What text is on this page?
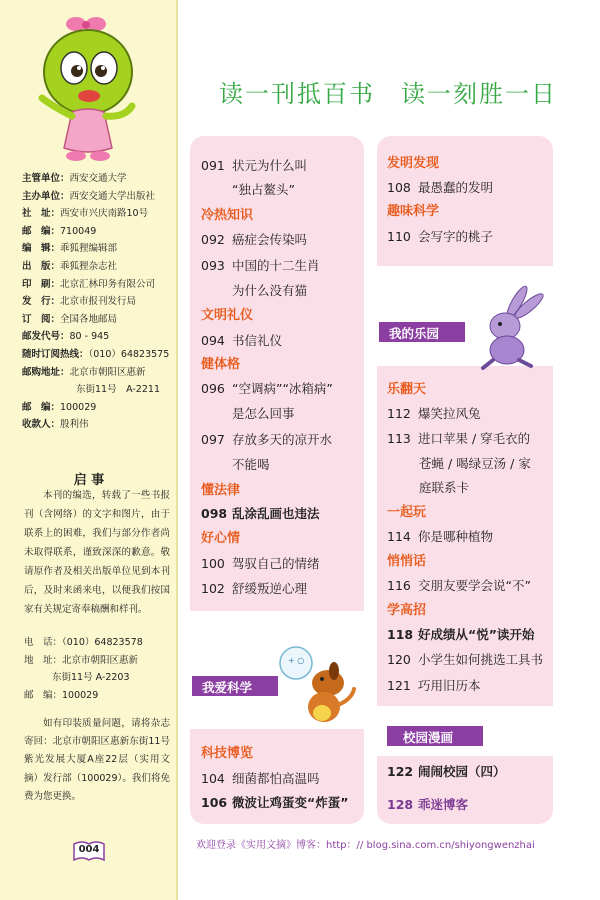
主管单位：西安交通大学
主办单位：西安交通大学出版社
社　址：西安市兴庆南路10号
邮　编：710049
编　辑：乖狐狸编辑部
出　版：乖狐狸杂志社
印　刷：北京汇林印务有限公司
发　行：北京市报刊发行局
订　阅：全国各地邮局
邮发代号：80 - 945
随时订阅热线：（010）64823575
邮购地址：北京市朝阳区惠新
东街11号　A-2211
邮　编：100029
收款人：殷利伟
启 事
本刊的编选，转载了一些书报刊（含网络）的文字和图片，由于联系上的困难，我们与部分作者尚未取得联系，谨致深深的歉意。敬请原作者及相关出版单位见到本刊后，及时来函来电，以便我们按国家有关规定寄奉稿酬和样刊。
电　话：（010）64823578
地　址：北京市朝阳区惠新
东街11号 A-2203
邮　编：100029
如有印装质量问题，请将杂志寄回：北京市朝阳区惠新东街11号紫光发展大厦A座22层（实用文摘）发行部（100029）。我们将免费为您更换。
004
读一刊抵百书　读一刻胜一日
091 状元为什么叫
“独占鳌头”
冷热知识
092 癌症会传染吗
093 中国的十二生肖
为什么没有猫
文明礼仪
094 书信礼仪
健体格
096 “空调病”“冰箱病”
是怎么回事
097 存放多天的凉开水
不能喝
懂法律
098 乱涂乱画也违法
好心情
100 驾驭自己的情绪
102 舒缓叛逆心理
我爱科学
+ ○
科技博览
104 细菌都怕高温吗
106 微波让鸡蛋变“炸蛋”
发明发现
108 最愚蠢的发明
趣味科学
110 会写字的桃子
我的乐园
乐翻天
112 爆笑拉风兔
113 进口苹果 / 穿毛衣的
苍蝇 / 喝绿豆汤 / 家
庭联系卡
一起玩
114 你是哪种植物
悄悄话
116 交朋友要学会说“不”
学高招
118 好成绩从“悦”读开始
120 小学生如何挑选工具书
121 巧用旧历本
校园漫画
122 闹闹校园（四）
128 乖迷博客
欢迎登录《实用文摘》博客：http：// blog.sina.com.cn/shiyongwenzhai
